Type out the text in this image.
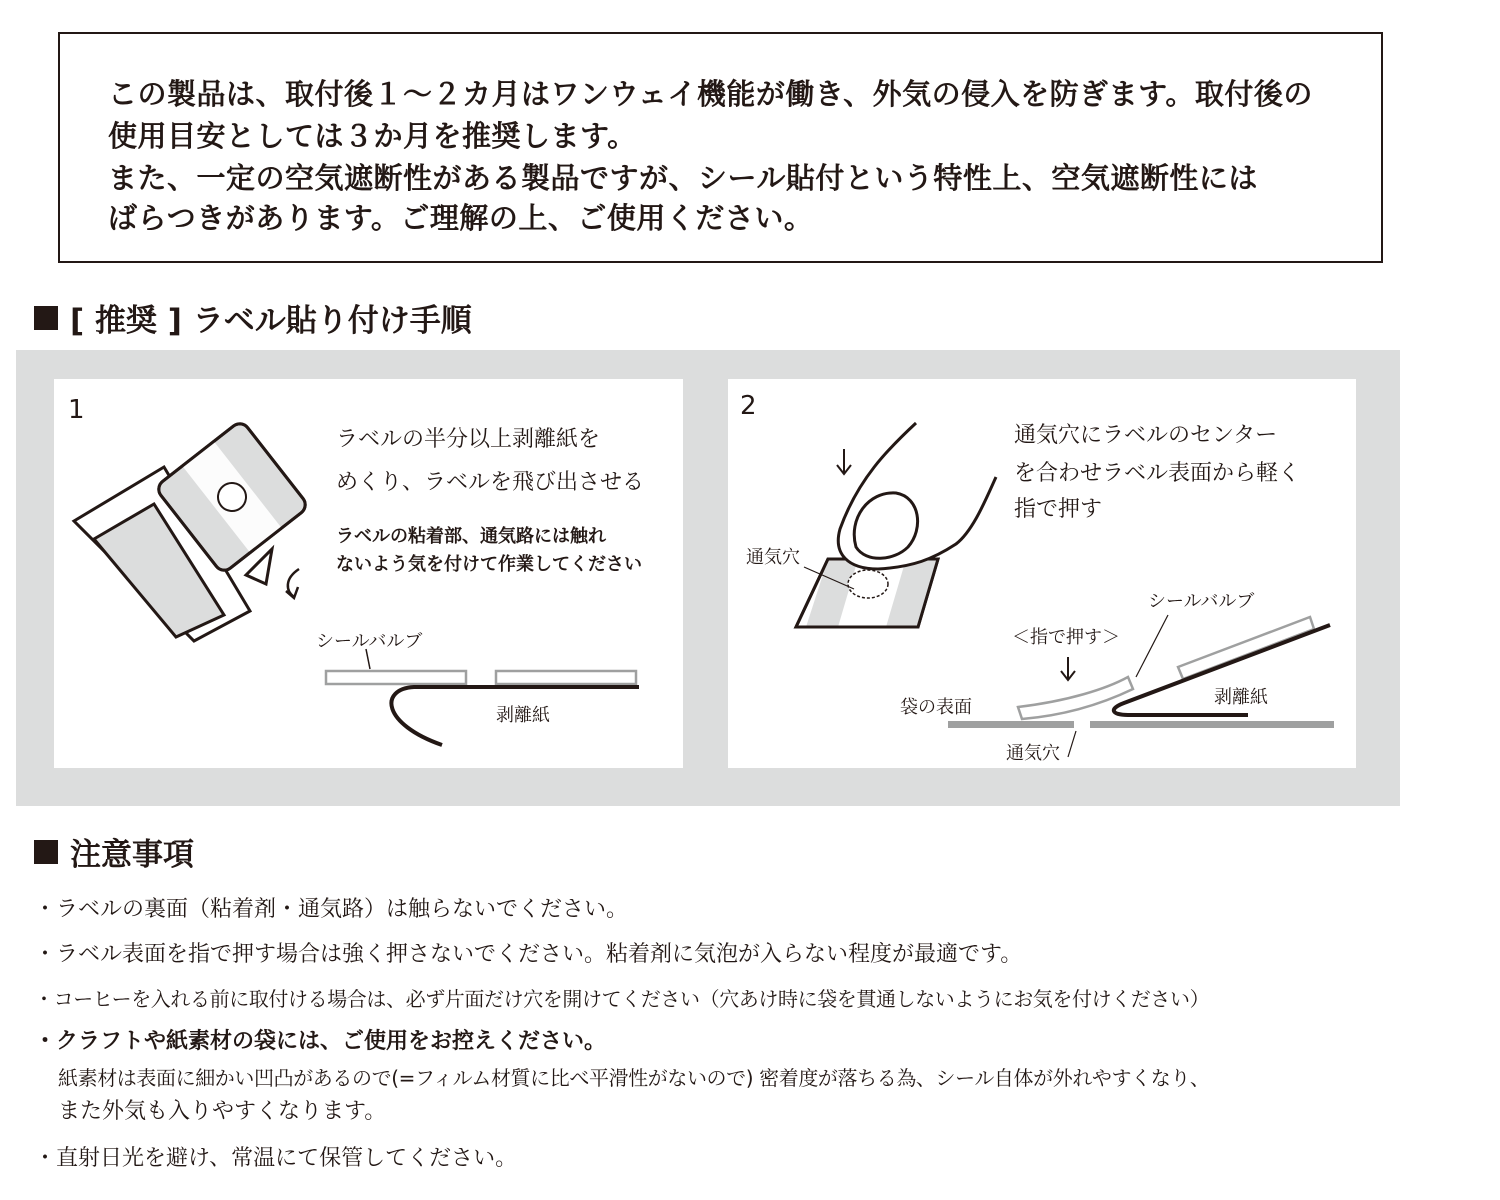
この製品は、取付後１〜２カ月はワンウェイ機能が働き、外気の侵入を防ぎます。取付後の
使用目安としては３か月を推奨します。
また、一定の空気遮断性がある製品ですが、シール貼付という特性上、空気遮断性には
ばらつきがあります。ご理解の上、ご使用ください。
[ 推奨 ] ラベル貼り付け手順
1
ラベルの半分以上剥離紙を
めくり、ラベルを飛び出させる
ラベルの粘着部、通気路には触れ
ないよう気を付けて作業してください
シールバルブ
剥離紙
2
通気穴にラベルのセンター
を合わせラベル表面から軽く
指で押す
通気穴
シールバルブ
＜指で押す＞
剥離紙
袋の表面
通気穴
注意事項
・ラベルの裏面（粘着剤・通気路）は触らないでください。
・ラベル表面を指で押す場合は強く押さないでください。粘着剤に気泡が入らない程度が最適です。
・コーヒーを入れる前に取付ける場合は、必ず片面だけ穴を開けてください（穴あけ時に袋を貫通しないようにお気を付けください）
・クラフトや紙素材の袋には、ご使用をお控えください。
紙素材は表面に細かい凹凸があるので(=フィルム材質に比べ平滑性がないので) 密着度が落ちる為、シール自体が外れやすくなり、
また外気も入りやすくなります。
・直射日光を避け、常温にて保管してください。
